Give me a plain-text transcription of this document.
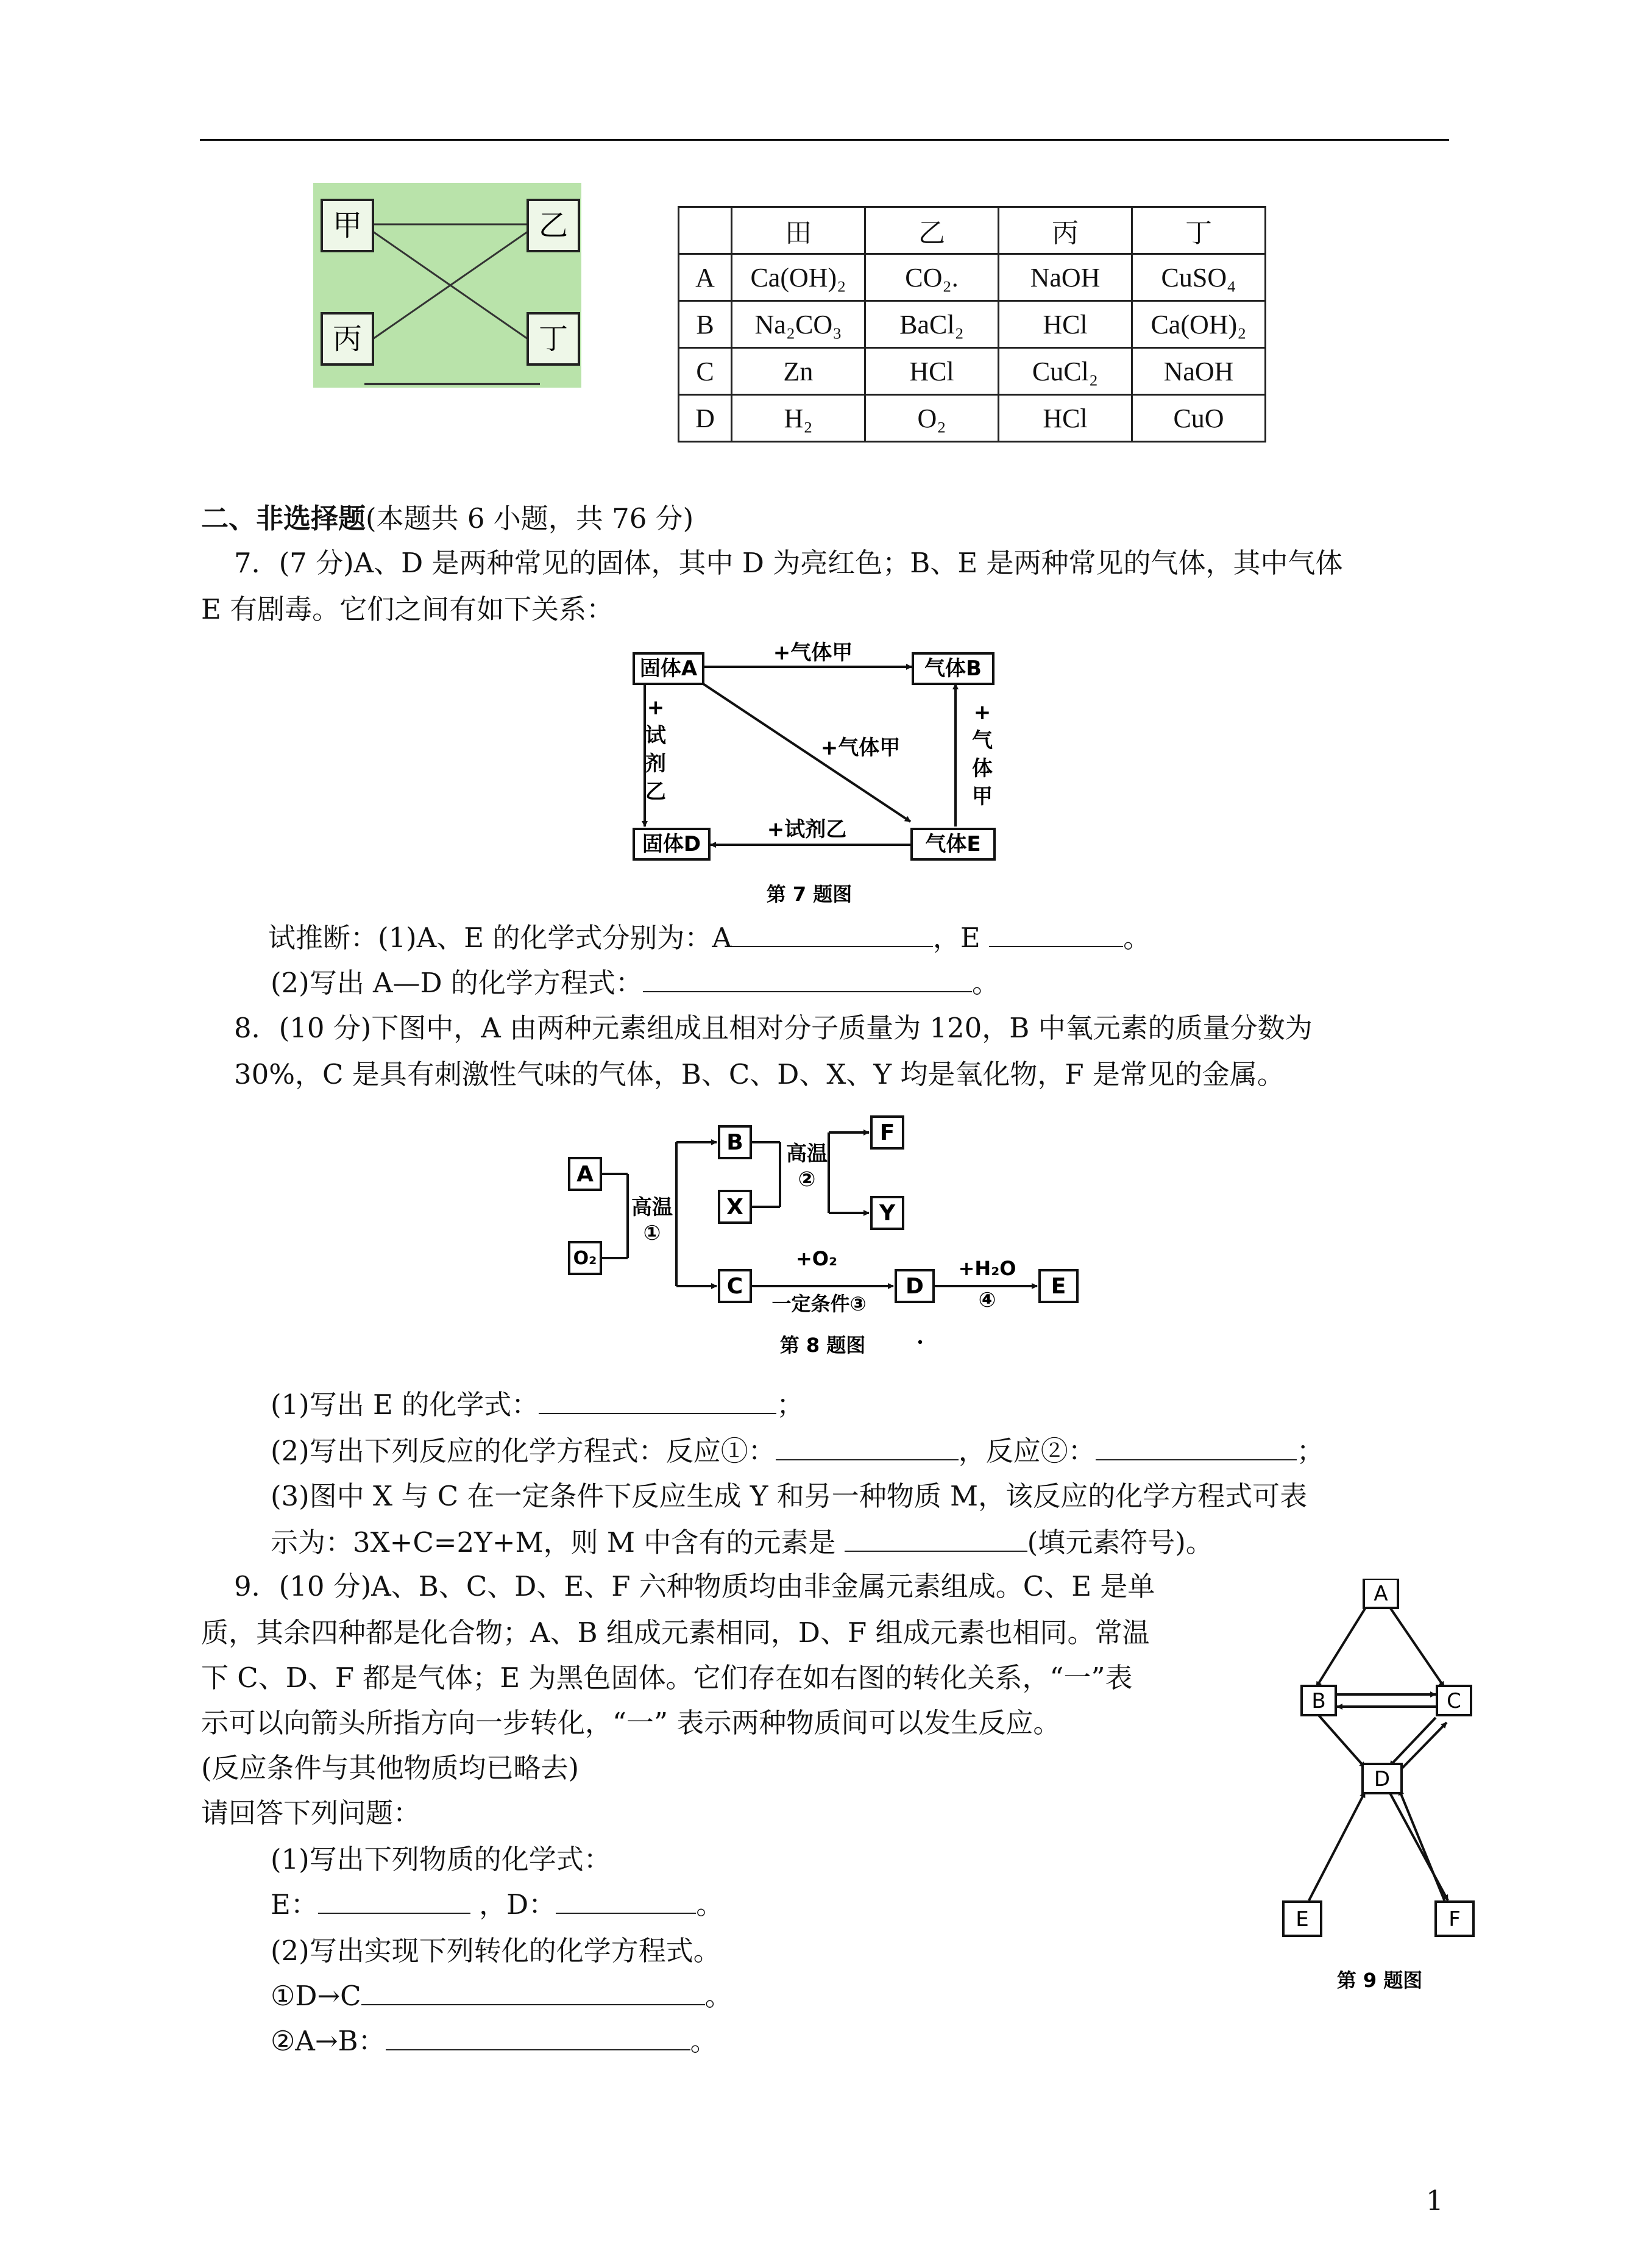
甲	乙
丙	丁
	田	乙	丙	丁
A	Ca(OH)₂	CO₂.	NaOH	CuSO₄
B	Na₂CO₃	BaCl₂	HCl	Ca(OH)₂
C	Zn	HCl	CuCl₂	NaOH
D	H₂	O₂	HCl	CuO
二、非选择题(本题共 6 小题，共 76 分)
7．(7 分)A、D 是两种常见的固体，其中 D 为亮红色；B、E 是两种常见的气体，其中气体
E 有剧毒。它们之间有如下关系：
固体A	气体B
固体D	气体E
+气体甲
+气体甲
+试剂乙
+
试
剂
乙
+
气
体
甲
第 7 题图
试推断：(1)A、E 的化学式分别为：A	，E	。
(2)写出 A—D 的化学方程式：	。
8．(10 分)下图中，A 由两种元素组成且相对分子质量为 120，B 中氧元素的质量分数为
30%，C 是具有刺激性气味的气体，B、C、D、X、Y 均是氧化物，F 是常见的金属。
A
O₂
B
X
F
Y
C	D	E
高温
①
高温
②
+O₂
一定条件③
+H₂O
④
第 8 题图	•
(1)写出 E 的化学式：	；
(2)写出下列反应的化学方程式：反应①：	，反应②：	；
(3)图中 X 与 C 在一定条件下反应生成 Y 和另一种物质 M，该反应的化学方程式可表
示为：3X+C=2Y+M，则 M 中含有的元素是	(填元素符号)。
9．(10 分)A、B、C、D、E、F 六种物质均由非金属元素组成。C、E 是单
质，其余四种都是化合物；A、B 组成元素相同，D、F 组成元素也相同。常温
下 C、D、F 都是气体；E 为黑色固体。它们存在如右图的转化关系，“一”表
示可以向箭头所指方向一步转化，“一” 表示两种物质间可以发生反应。
(反应条件与其他物质均已略去)
请回答下列问题：
(1)写出下列物质的化学式：
E：	，D：	。
(2)写出实现下列转化的化学方程式。
①D→C	。
②A→B：	。
A
B	C
D
E	F
第 9 题图
1
